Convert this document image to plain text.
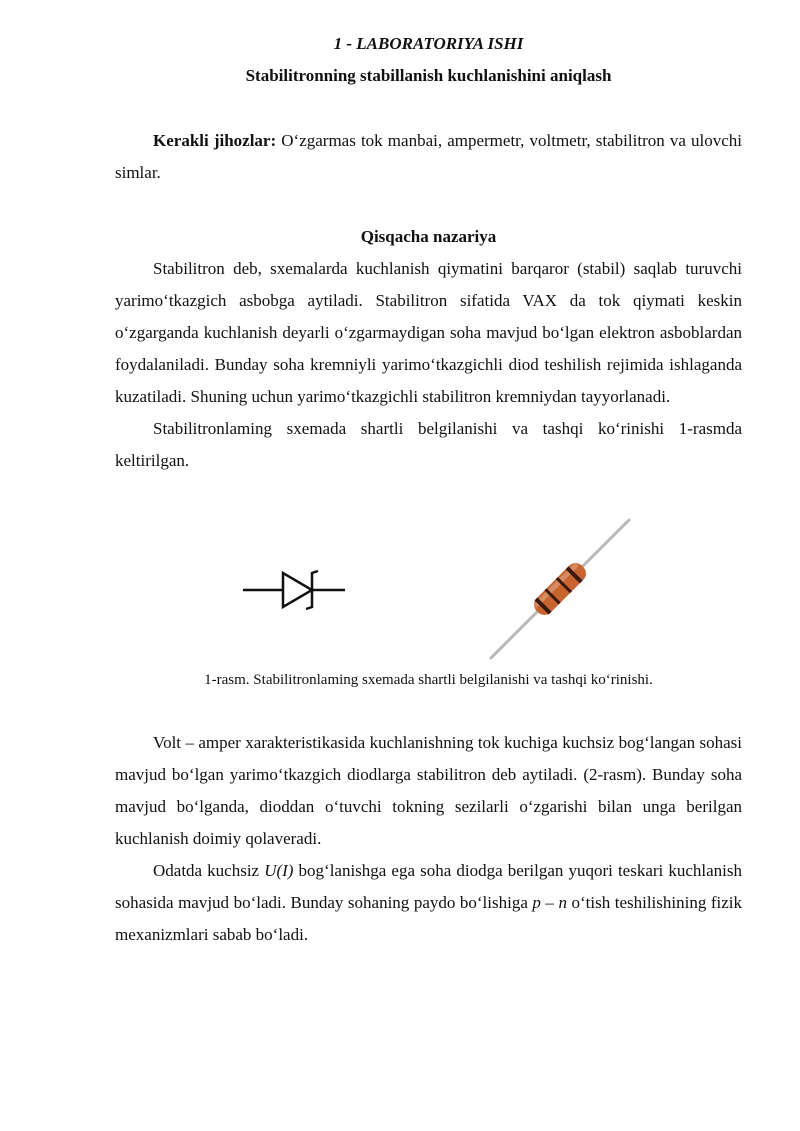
1 - LABORATORIYA ISHI
Stabilitronning stabillanish kuchlanishini aniqlash

Kerakli jihozlar: O‘zgarmas tok manbai, ampermetr, voltmetr, stabilitron va ulovchi simlar.

Qisqacha nazariya

Stabilitron deb, sxemalarda kuchlanish qiymatini barqaror (stabil) saqlab turuvchi yarimo‘tkazgich asbobga aytiladi. Stabilitron sifatida VAX da tok qiymati keskin o‘zgarganda kuchlanish deyarli o‘zgarmaydigan soha mavjud bo‘lgan elektron asboblardan foydalaniladi. Bunday soha kremniyli yarimo‘tkazgichli diod teshilish rejimida ishlaganda kuzatiladi. Shuning uchun yarimo‘tkazgichli stabilitron kremniydan tayyorlanadi.

Stabilitronlaming sxemada shartli belgilanishi va tashqi ko‘rinishi 1-rasmda keltirilgan.

1-rasm. Stabilitronlaming sxemada shartli belgilanishi va tashqi ko‘rinishi.

Volt – amper xarakteristikasida kuchlanishning tok kuchiga kuchsiz bog‘langan sohasi mavjud bo‘lgan yarimo‘tkazgich diodlarga stabilitron deb aytiladi. (2-rasm). Bunday soha mavjud bo‘lganda, dioddan o‘tuvchi tokning sezilarli o‘zgarishi bilan unga berilgan kuchlanish doimiy qolaveradi.

Odatda kuchsiz U(I) bog‘lanishga ega soha diodga berilgan yuqori teskari kuchlanish sohasida mavjud bo‘ladi. Bunday sohaning paydo bo‘lishiga p – n o‘tish teshilishining fizik mexanizmlari sabab bo‘ladi.
